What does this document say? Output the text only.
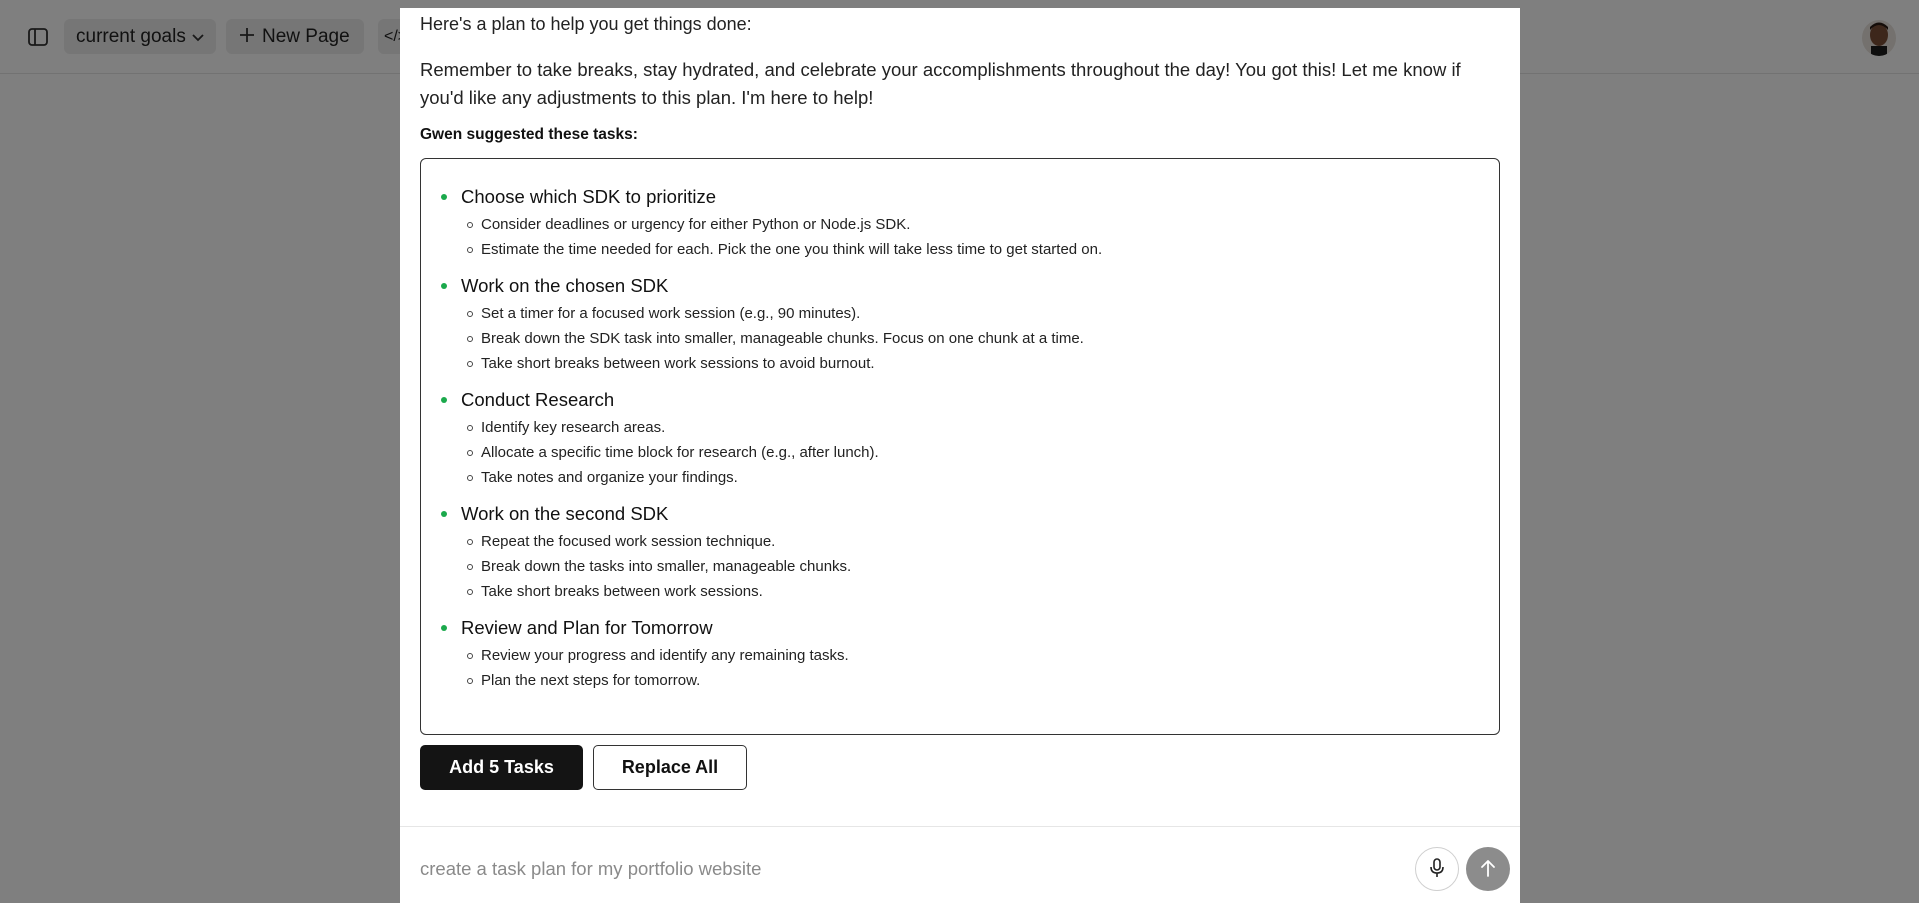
Here's a plan to help you get things done:
Remember to take breaks, stay hydrated, and celebrate your accomplishments throughout the day! You got this! Let me know if you'd like any adjustments to this plan. I'm here to help!
Gwen suggested these tasks:
Choose which SDK to prioritize
Consider deadlines or urgency for either Python or Node.js SDK.
Estimate the time needed for each. Pick the one you think will take less time to get started on.
Work on the chosen SDK
Set a timer for a focused work session (e.g., 90 minutes).
Break down the SDK task into smaller, manageable chunks. Focus on one chunk at a time.
Take short breaks between work sessions to avoid burnout.
Conduct Research
Identify key research areas.
Allocate a specific time block for research (e.g., after lunch).
Take notes and organize your findings.
Work on the second SDK
Repeat the focused work session technique.
Break down the tasks into smaller, manageable chunks.
Take short breaks between work sessions.
Review and Plan for Tomorrow
Review your progress and identify any remaining tasks.
Plan the next steps for tomorrow.
Add 5 Tasks	Replace All
create a task plan for my portfolio website
